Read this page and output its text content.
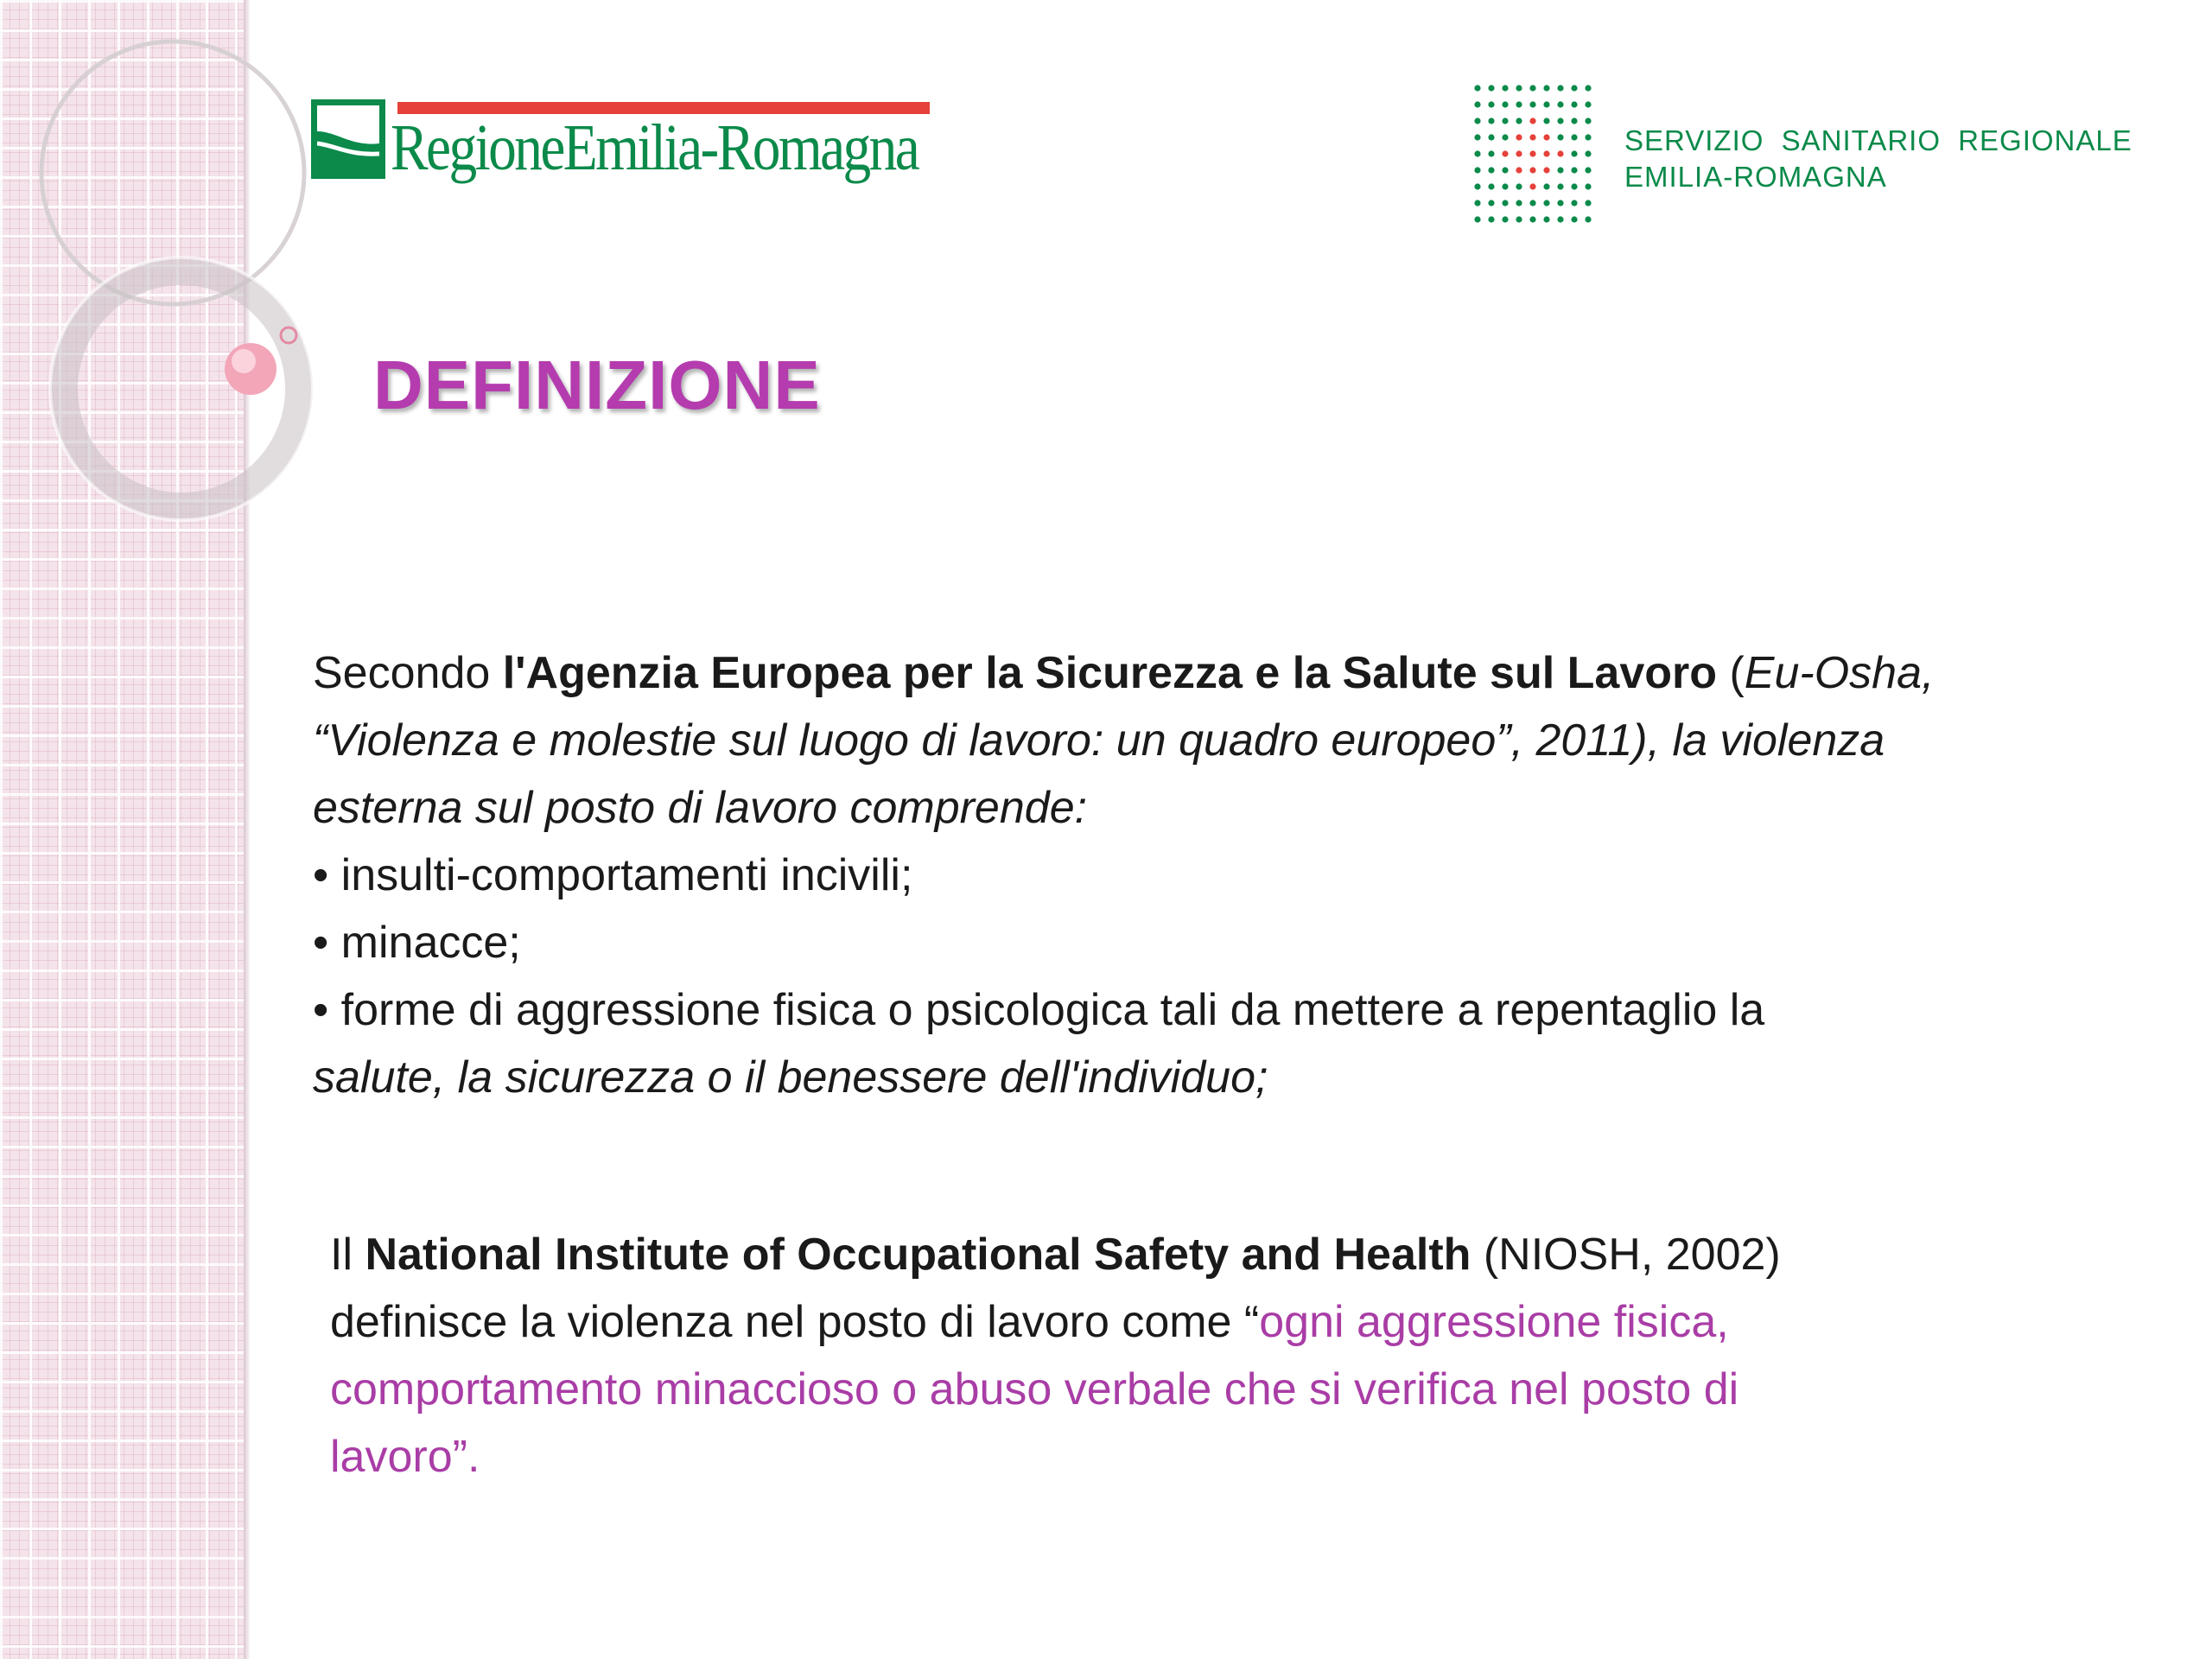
RegioneEmilia-Romagna	SERVIZIO SANITARIO REGIONALE
EMILIA-ROMAGNA
DEFINIZIONE
Secondo l'Agenzia Europea per la Sicurezza e la Salute sul Lavoro (Eu-Osha,
“Violenza e molestie sul luogo di lavoro: un quadro europeo”, 2011), la violenza
esterna sul posto di lavoro comprende:
• insulti-comportamenti incivili;
• minacce;
• forme di aggressione fisica o psicologica tali da mettere a repentaglio la
salute, la sicurezza o il benessere dell'individuo;
Il National Institute of Occupational Safety and Health (NIOSH, 2002)
definisce la violenza nel posto di lavoro come “ogni aggressione fisica,
comportamento minaccioso o abuso verbale che si verifica nel posto di
lavoro”.
